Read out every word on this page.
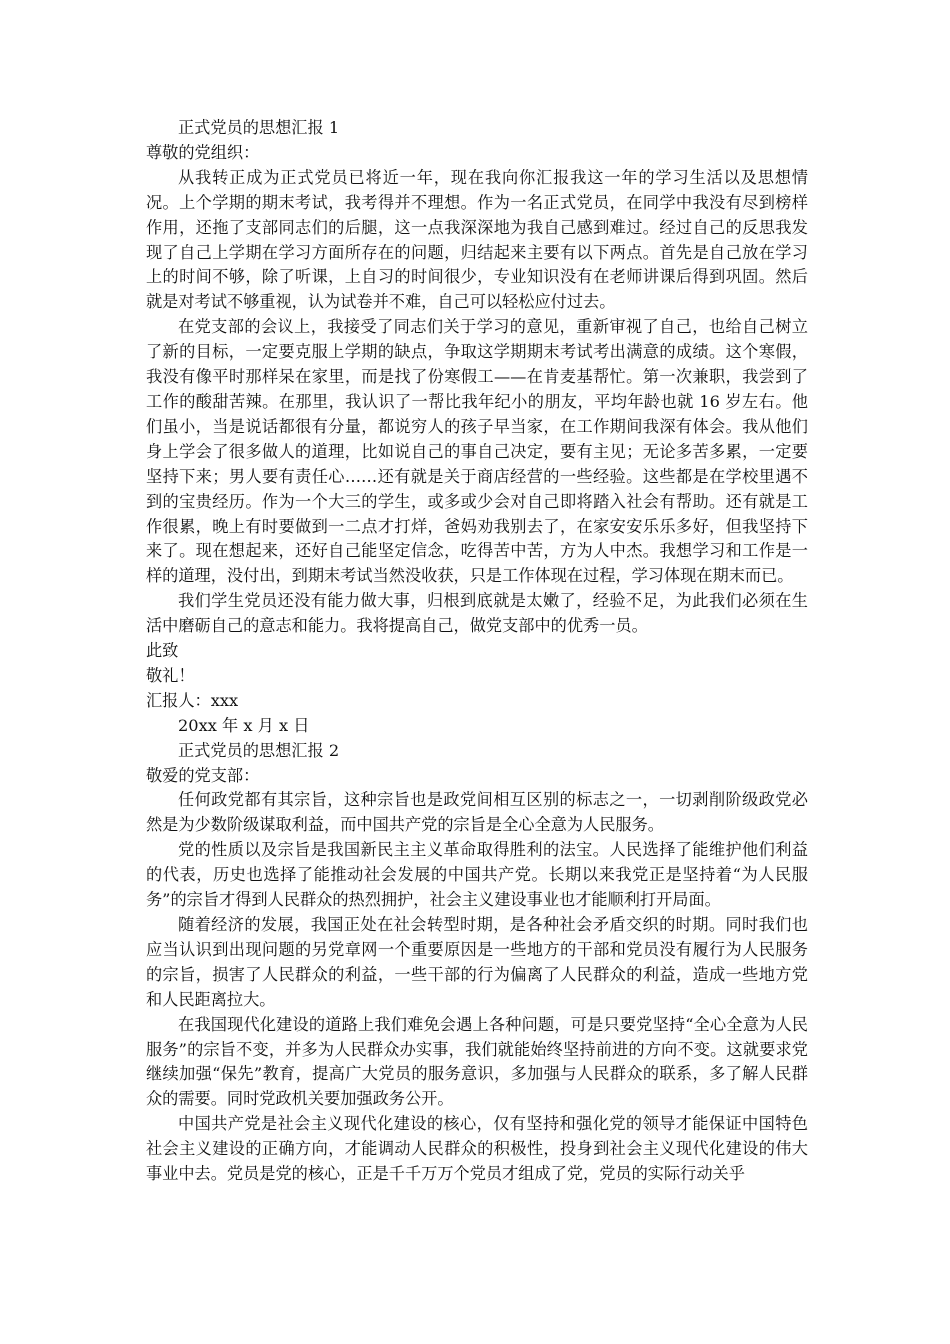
正式党员的思想汇报 1
尊敬的党组织：
从我转正成为正式党员已将近一年，现在我向你汇报我这一年的学习生活以及思想情况。上个学期的期末考试，我考得并不理想。作为一名正式党员，在同学中我没有尽到榜样作用，还拖了支部同志们的后腿，这一点我深深地为我自己感到难过。经过自己的反思我发现了自己上学期在学习方面所存在的问题，归结起来主要有以下两点。首先是自己放在学习上的时间不够，除了听课，上自习的时间很少，专业知识没有在老师讲课后得到巩固。然后就是对考试不够重视，认为试卷并不难，自己可以轻松应付过去。
在党支部的会议上，我接受了同志们关于学习的意见，重新审视了自己，也给自己树立了新的目标，一定要克服上学期的缺点，争取这学期期末考试考出满意的成绩。这个寒假，我没有像平时那样呆在家里，而是找了份寒假工——在肯麦基帮忙。第一次兼职，我尝到了工作的酸甜苦辣。在那里，我认识了一帮比我年纪小的朋友，平均年龄也就 16 岁左右。他们虽小，当是说话都很有分量，都说穷人的孩子早当家，在工作期间我深有体会。我从他们身上学会了很多做人的道理，比如说自己的事自己决定，要有主见；无论多苦多累，一定要坚持下来；男人要有责任心……还有就是关于商店经营的一些经验。这些都是在学校里遇不到的宝贵经历。作为一个大三的学生，或多或少会对自己即将踏入社会有帮助。还有就是工作很累，晚上有时要做到一二点才打烊，爸妈劝我别去了，在家安安乐乐多好，但我坚持下来了。现在想起来，还好自己能坚定信念，吃得苦中苦，方为人中杰。我想学习和工作是一样的道理，没付出，到期末考试当然没收获，只是工作体现在过程，学习体现在期末而已。
我们学生党员还没有能力做大事，归根到底就是太嫩了，经验不足，为此我们必须在生活中磨砺自己的意志和能力。我将提高自己，做党支部中的优秀一员。
此致
敬礼！
汇报人：xxx
20xx 年 x 月 x 日
正式党员的思想汇报 2
敬爱的党支部：
任何政党都有其宗旨，这种宗旨也是政党间相互区别的标志之一，一切剥削阶级政党必然是为少数阶级谋取利益，而中国共产党的宗旨是全心全意为人民服务。
党的性质以及宗旨是我国新民主主义革命取得胜利的法宝。人民选择了能维护他们利益的代表，历史也选择了能推动社会发展的中国共产党。长期以来我党正是坚持着“为人民服务”的宗旨才得到人民群众的热烈拥护，社会主义建设事业也才能顺利打开局面。
随着经济的发展，我国正处在社会转型时期，是各种社会矛盾交织的时期。同时我们也应当认识到出现问题的另党章网一个重要原因是一些地方的干部和党员没有履行为人民服务的宗旨，损害了人民群众的利益，一些干部的行为偏离了人民群众的利益，造成一些地方党和人民距离拉大。
在我国现代化建设的道路上我们难免会遇上各种问题，可是只要党坚持“全心全意为人民服务”的宗旨不变，并多为人民群众办实事，我们就能始终坚持前进的方向不变。这就要求党继续加强“保先”教育，提高广大党员的服务意识，多加强与人民群众的联系，多了解人民群众的需要。同时党政机关要加强政务公开。
中国共产党是社会主义现代化建设的核心，仅有坚持和强化党的领导才能保证中国特色社会主义建设的正确方向，才能调动人民群众的积极性，投身到社会主义现代化建设的伟大事业中去。党员是党的核心，正是千千万万个党员才组成了党，党员的实际行动关乎
